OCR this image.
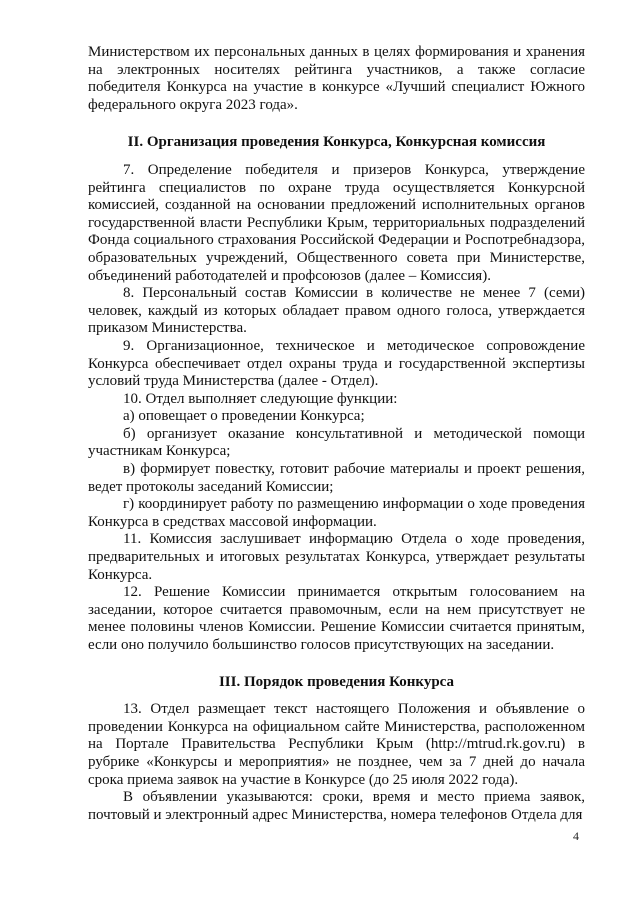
Министерством их персональных данных в целях формирования и хранения на электронных носителях рейтинга участников, а также согласие победителя Конкурса на участие в конкурсе «Лучший специалист Южного федерального округа 2023 года».

II. Организация проведения Конкурса, Конкурсная комиссия

7. Определение победителя и призеров Конкурса, утверждение рейтинга специалистов по охране труда осуществляется Конкурсной комиссией, созданной на основании предложений исполнительных органов государственной власти Республики Крым, территориальных подразделений Фонда социального страхования Российской Федерации и Роспотребнадзора, образовательных учреждений, Общественного совета при Министерстве, объединений работодателей и профсоюзов (далее – Комиссия).

8. Персональный состав Комиссии в количестве не менее 7 (семи) человек, каждый из которых обладает правом одного голоса, утверждается приказом Министерства.

9. Организационное, техническое и методическое сопровождение Конкурса обеспечивает отдел охраны труда и государственной экспертизы условий труда Министерства (далее - Отдел).

10. Отдел выполняет следующие функции:

а) оповещает о проведении Конкурса;

б) организует оказание консультативной и методической помощи участникам Конкурса;

в) формирует повестку, готовит рабочие материалы и проект решения, ведет протоколы заседаний Комиссии;

г) координирует работу по размещению информации о ходе проведения Конкурса в средствах массовой информации.

11. Комиссия заслушивает информацию Отдела о ходе проведения, предварительных и итоговых результатах Конкурса, утверждает результаты Конкурса.

12. Решение Комиссии принимается открытым голосованием на заседании, которое считается правомочным, если на нем присутствует не менее половины членов Комиссии. Решение Комиссии считается принятым, если оно получило большинство голосов присутствующих на заседании.

III. Порядок проведения Конкурса

13. Отдел размещает текст настоящего Положения и объявление о проведении Конкурса на официальном сайте Министерства, расположенном на Портале Правительства Республики Крым (http://mtrud.rk.gov.ru) в рубрике «Конкурсы и мероприятия» не позднее, чем за 7 дней до начала срока приема заявок на участие в Конкурсе (до 25 июля 2022 года).

В объявлении указываются: сроки, время и место приема заявок, почтовый и электронный адрес Министерства, номера телефонов Отдела для

4
